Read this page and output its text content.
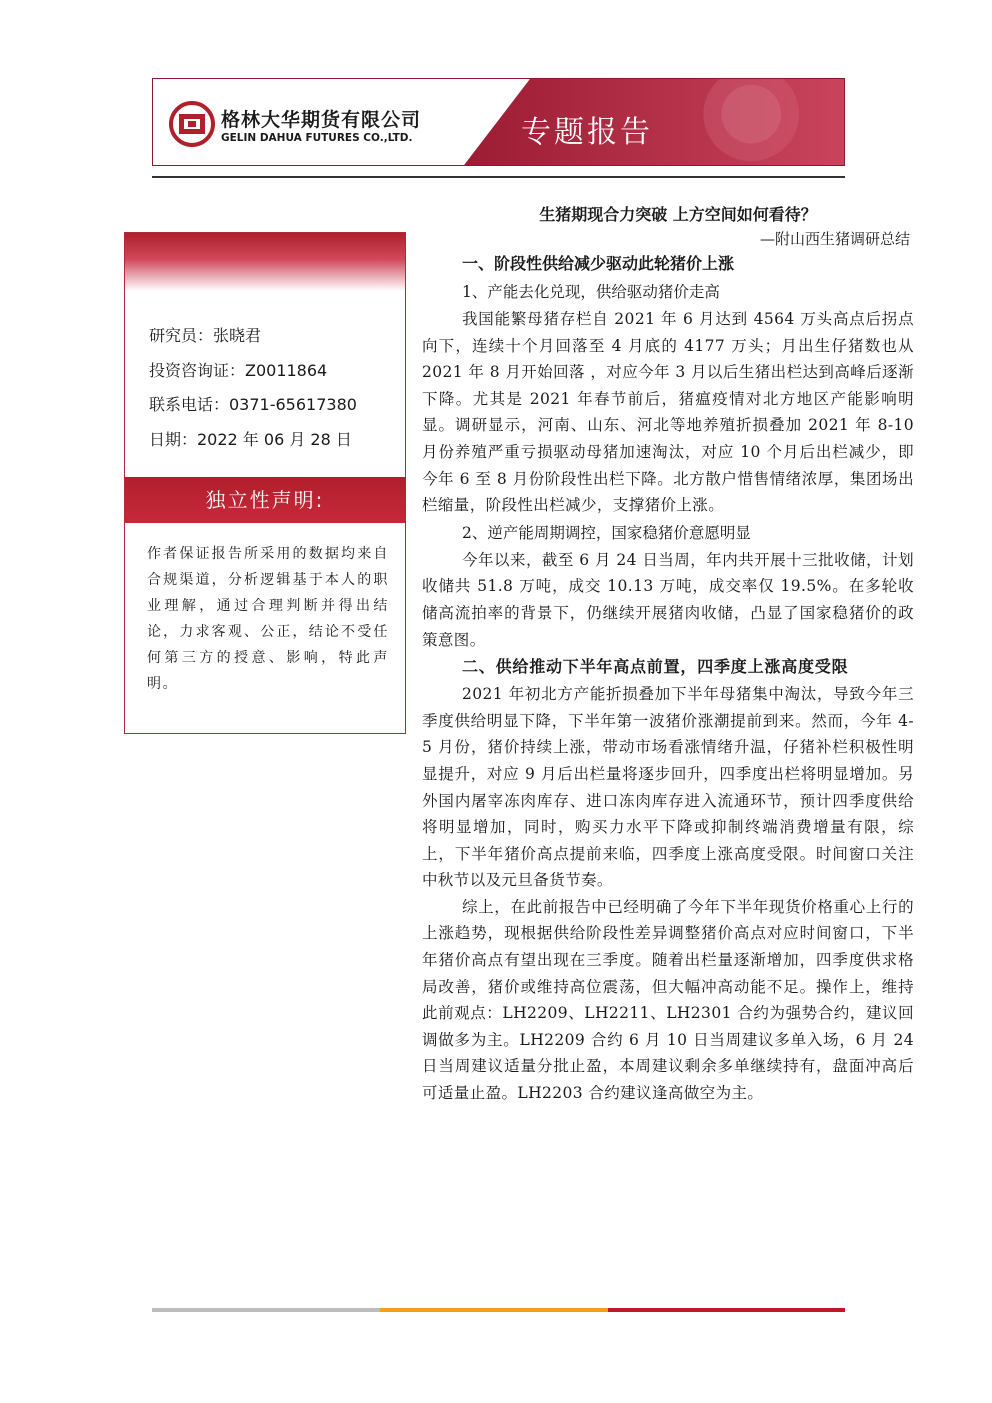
格林大华期货有限公司
GELIN DAHUA FUTURES CO.,LTD.	专题报告
研究员：张晓君
投资咨询证：Z0011864
联系电话：0371-65617380
日期：2022 年 06 月 28 日
独立性声明:
作者保证报告所采用的数据均来自合规渠道，分析逻辑基于本人的职业理解，通过合理判断并得出结论，力求客观、公正，结论不受任何第三方的授意、影响，特此声明。
生猪期现合力突破 上方空间如何看待？
—附山西生猪调研总结
一、阶段性供给减少驱动此轮猪价上涨
1、产能去化兑现，供给驱动猪价走高
我国能繁母猪存栏自 2021 年 6 月达到 4564 万头高点后拐点向下，连续十个月回落至 4 月底的 4177 万头；月出生仔猪数也从 2021 年 8 月开始回落 ，对应今年 3 月以后生猪出栏达到高峰后逐渐下降。尤其是 2021 年春节前后，猪瘟疫情对北方地区产能影响明显。调研显示，河南、山东、河北等地养殖折损叠加 2021 年 8-10 月份养殖严重亏损驱动母猪加速淘汰，对应 10 个月后出栏减少，即今年 6 至 8 月份阶段性出栏下降。北方散户惜售情绪浓厚，集团场出栏缩量，阶段性出栏减少，支撑猪价上涨。
2、逆产能周期调控，国家稳猪价意愿明显
今年以来，截至 6 月 24 日当周，年内共开展十三批收储，计划收储共 51.8 万吨，成交 10.13 万吨，成交率仅 19.5%。在多轮收储高流拍率的背景下，仍继续开展猪肉收储，凸显了国家稳猪价的政策意图。
二、供给推动下半年高点前置，四季度上涨高度受限
2021 年初北方产能折损叠加下半年母猪集中淘汰，导致今年三季度供给明显下降，下半年第一波猪价涨潮提前到来。然而，今年 4-5 月份，猪价持续上涨，带动市场看涨情绪升温，仔猪补栏积极性明显提升，对应 9 月后出栏量将逐步回升，四季度出栏将明显增加。另外国内屠宰冻肉库存、进口冻肉库存进入流通环节，预计四季度供给将明显增加，同时，购买力水平下降或抑制终端消费增量有限，综上，下半年猪价高点提前来临，四季度上涨高度受限。时间窗口关注中秋节以及元旦备货节奏。
综上，在此前报告中已经明确了今年下半年现货价格重心上行的上涨趋势，现根据供给阶段性差异调整猪价高点对应时间窗口，下半年猪价高点有望出现在三季度。随着出栏量逐渐增加，四季度供求格局改善，猪价或维持高位震荡，但大幅冲高动能不足。操作上，维持此前观点：LH2209、LH2211、LH2301 合约为强势合约，建议回调做多为主。LH2209 合约 6 月 10 日当周建议多单入场，6 月 24 日当周建议适量分批止盈，本周建议剩余多单继续持有，盘面冲高后可适量止盈。LH2203 合约建议逢高做空为主。
